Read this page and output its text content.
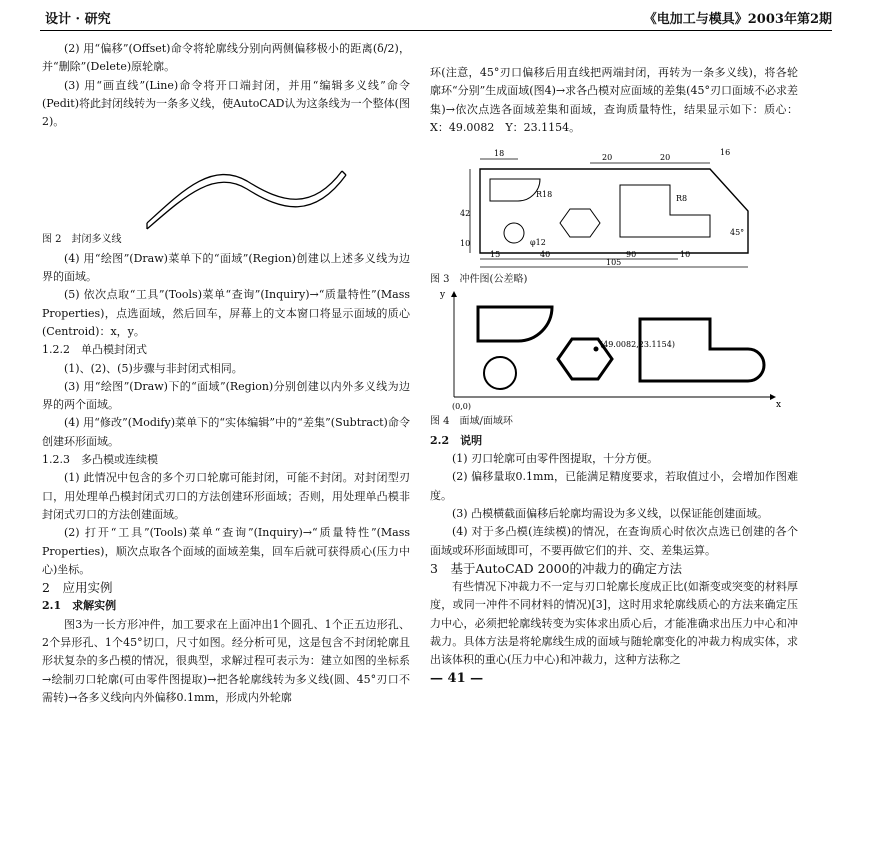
设计 · 研究	《电加工与模具》2003年第2期

(2) 用“偏移”(Offset)命令将轮廓线分别向两侧偏移极小的距离(δ/2)，并“删除”(Delete)原轮廓。

(3) 用“画直线”(Line)命令将开口端封闭，并用“编辑多义线”命令(Pedit)将此封闭线转为一条多义线，使AutoCAD认为这条线为一个整体(图2)。

图 2　封闭多义线

(4) 用“绘图”(Draw)菜单下的“面域”(Region)创建以上述多义线为边界的面域。

(5) 依次点取“工具”(Tools)菜单“查询”(Inquiry)→“质量特性”(Mass Properties)，点选面域，然后回车，屏幕上的文本窗口将显示面域的质心(Centroid)：x，y。

1.2.2　单凸模封闭式

(1)、(2)、(5)步骤与非封闭式相同。

(3) 用“绘图”(Draw)下的“面域”(Region)分别创建以内外多义线为边界的两个面域。

(4) 用“修改”(Modify)菜单下的“实体编辑”中的“差集”(Subtract)命令创建环形面域。

1.2.3　多凸模或连续模

(1) 此情况中包含的多个刃口轮廓可能封闭，可能不封闭。对封闭型刃口，用处理单凸模封闭式刃口的方法创建环形面域；否则，用处理单凸模非封闭式刃口的方法创建面域。

(2) 打开“工具”(Tools)菜单“查询”(Inquiry)→“质量特性”(Mass Properties)，顺次点取各个面域的面域差集，回车后就可获得质心(压力中心)坐标。

2　应用实例

2.1　求解实例

图3为一长方形冲件，加工要求在上面冲出1个圆孔、1个正五边形孔、2个异形孔、1个45°切口，尺寸如图。经分析可见，这是包含不封闭轮廓且形状复杂的多凸模的情况，很典型，求解过程可表示为：建立如图的坐标系→绘制刃口轮廓(可由零件图提取)→把各轮廓线转为多义线(圆、45°刃口不需转)→各多义线向内外偏移0.1mm，形成内外轮廓

环(注意，45°刃口偏移后用直线把两端封闭，再转为一条多义线)，将各轮廓环“分别”生成面域(图4)→求各凸模对应面域的差集(45°刃口面域不必求差集)→依次点选各面域差集和面域，查询质量特性，结果显示如下：质心：X：49.0082　Y：23.1154。

18	20	20
16
R18
φ12
R8
45°
42
10
15	40	90
105
10

图 3　冲件图(公差略)

y
x
(0,0)
(49.0082,23.1154)

图 4　面域/面域环

2.2　说明

(1) 刃口轮廓可由零件图提取，十分方便。

(2) 偏移量取0.1mm，已能满足精度要求，若取值过小，会增加作图难度。

(3) 凸模横截面偏移后轮廓均需设为多义线，以保证能创建面域。

(4) 对于多凸模(连续模)的情况，在查询质心时依次点选已创建的各个面域或环形面域即可，不要再做它们的并、交、差集运算。

3　基于AutoCAD 2000的冲裁力的确定方法

有些情况下冲裁力不一定与刃口轮廓长度成正比(如渐变或突变的材料厚度，或同一冲件不同材料的情况)[3]，这时用求轮廓线质心的方法来确定压力中心，必须把轮廓线转变为实体求出质心后，才能准确求出压力中心和冲裁力。具体方法是将轮廓线生成的面域与随轮廓变化的冲裁力构成实体，求出该体积的重心(压力中心)和冲裁力，这种方法称之

— 41 —
